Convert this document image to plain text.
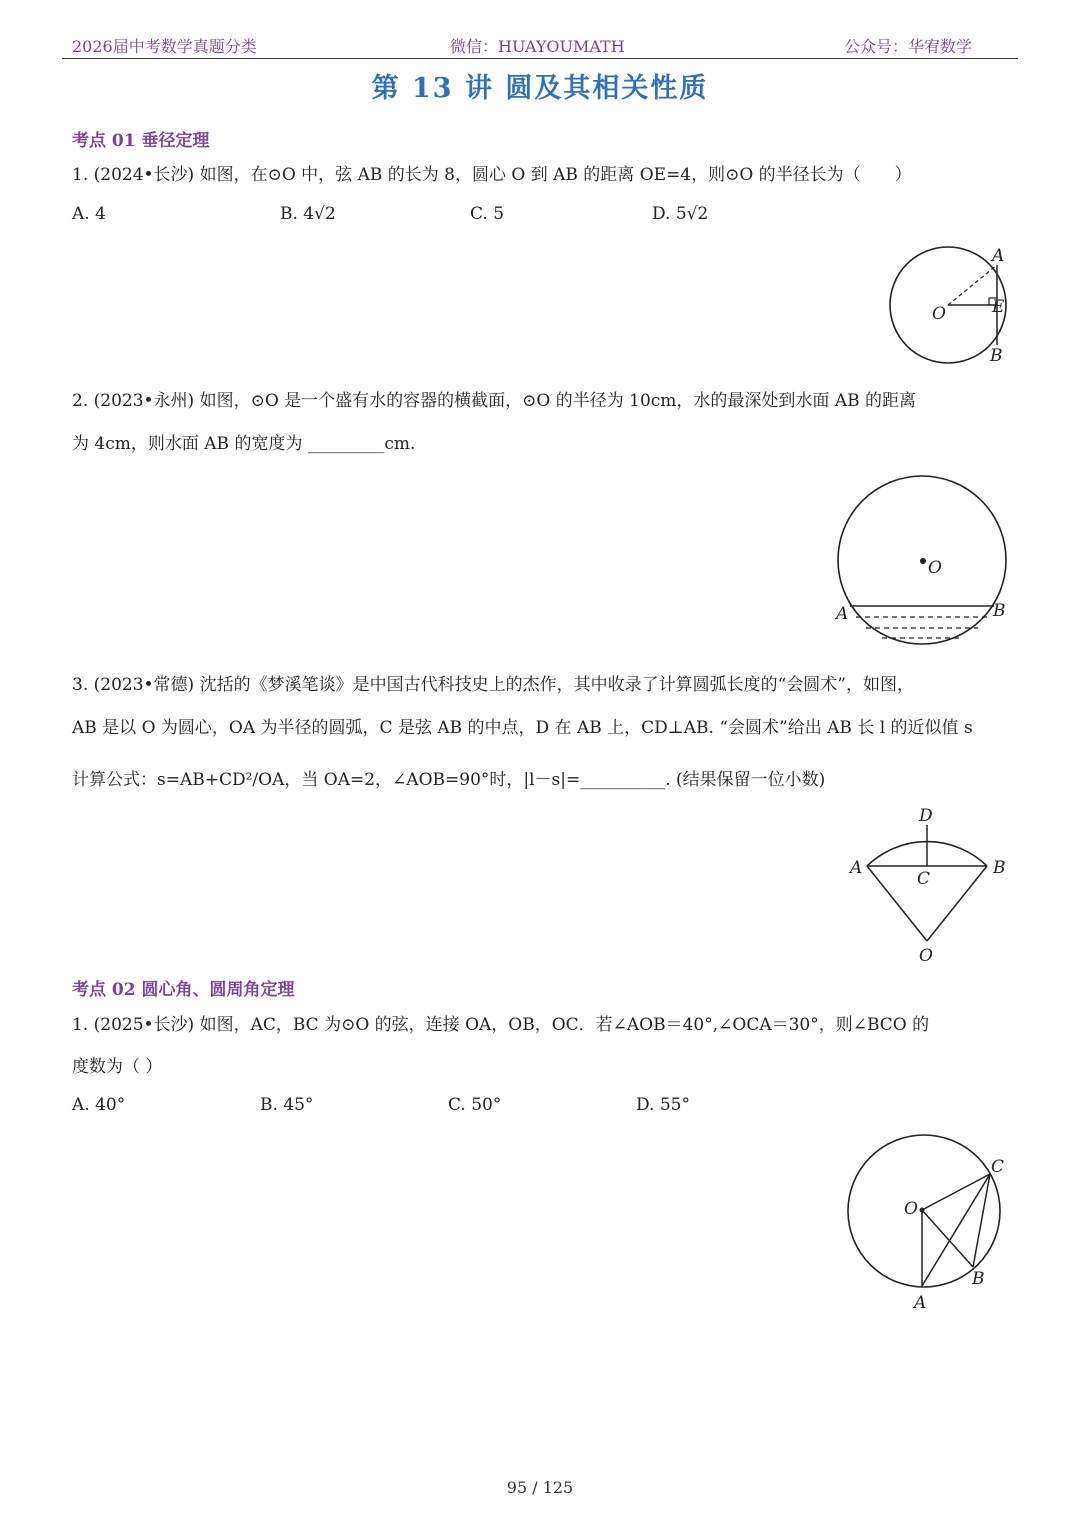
2026届中考数学真题分类	微信：HUAYOUMATH	公众号：华宥数学
第 13 讲 圆及其相关性质
考点 01 垂径定理
1. (2024•长沙) 如图，在⊙O 中，弦 AB 的长为 8，圆心 O 到 AB 的距离 OE=4，则⊙O 的半径长为（　　）
A. 4	B. 4√2	C. 5	D. 5√2
A
E
B
O
2. (2023•永州) 如图，⊙O 是一个盛有水的容器的横截面，⊙O 的半径为 10cm，水的最深处到水面 AB 的距离
为 4cm，则水面 AB 的宽度为 _________cm.
O
A	B
3. (2023•常德) 沈括的《梦溪笔谈》是中国古代科技史上的杰作，其中收录了计算圆弧长度的“会圆术”，如图，
AB 是以 O 为圆心，OA 为半径的圆弧，C 是弦 AB 的中点，D 在 AB 上，CD⊥AB. “会圆术”给出 AB 长 l 的近似值 s
计算公式：s=AB+CD²/OA，当 OA=2，∠AOB=90°时，|l－s|=__________. (结果保留一位小数)
D
A	B
C
O
考点 02 圆心角、圆周角定理
1. (2025•长沙) 如图，AC，BC 为⊙O 的弦，连接 OA，OB，OC．若∠AOB＝40°,∠OCA＝30°，则∠BCO 的
度数为（ ）
A. 40°	B. 45°	C. 50°	D. 55°
C
O
B
A
95 / 125
